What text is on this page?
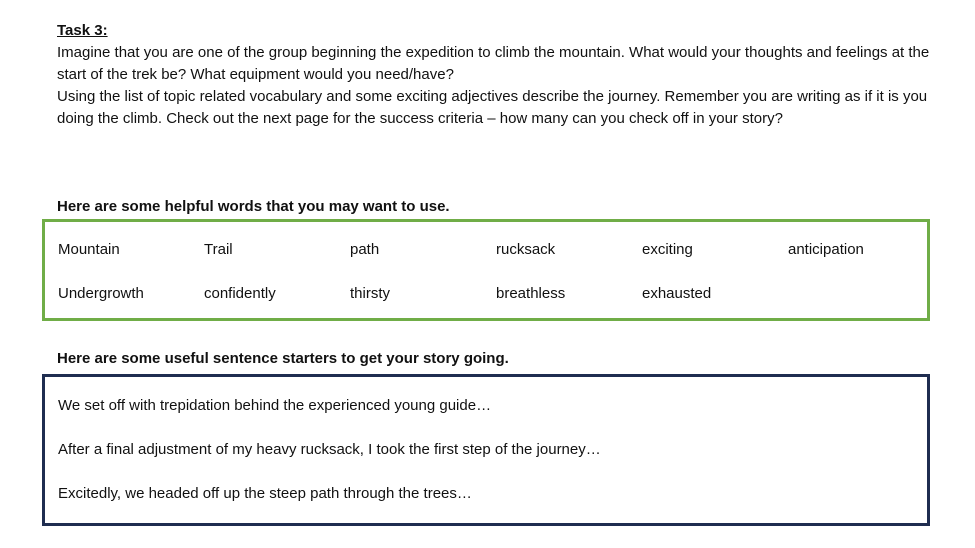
Task 3:

Imagine that you are one of the group beginning the expedition to climb the mountain. What would your thoughts and feelings at the start of the trek be? What equipment would you need/have?

Using the list of topic related vocabulary and some exciting adjectives describe the journey. Remember you are writing as if it is you doing the climb. Check out the next page for the success criteria – how many can you check off in your story?

Here are some helpful words that you may want to use.
Mountain	Trail	path	rucksack	exciting	anticipation
Undergrowth	confidently	thirsty	breathless	exhausted
Here are some useful sentence starters to get your story going.
We set off with trepidation behind the experienced young guide…
After a final adjustment of my heavy rucksack, I took the first step of the journey…
Excitedly, we headed off up the steep path through the trees…
